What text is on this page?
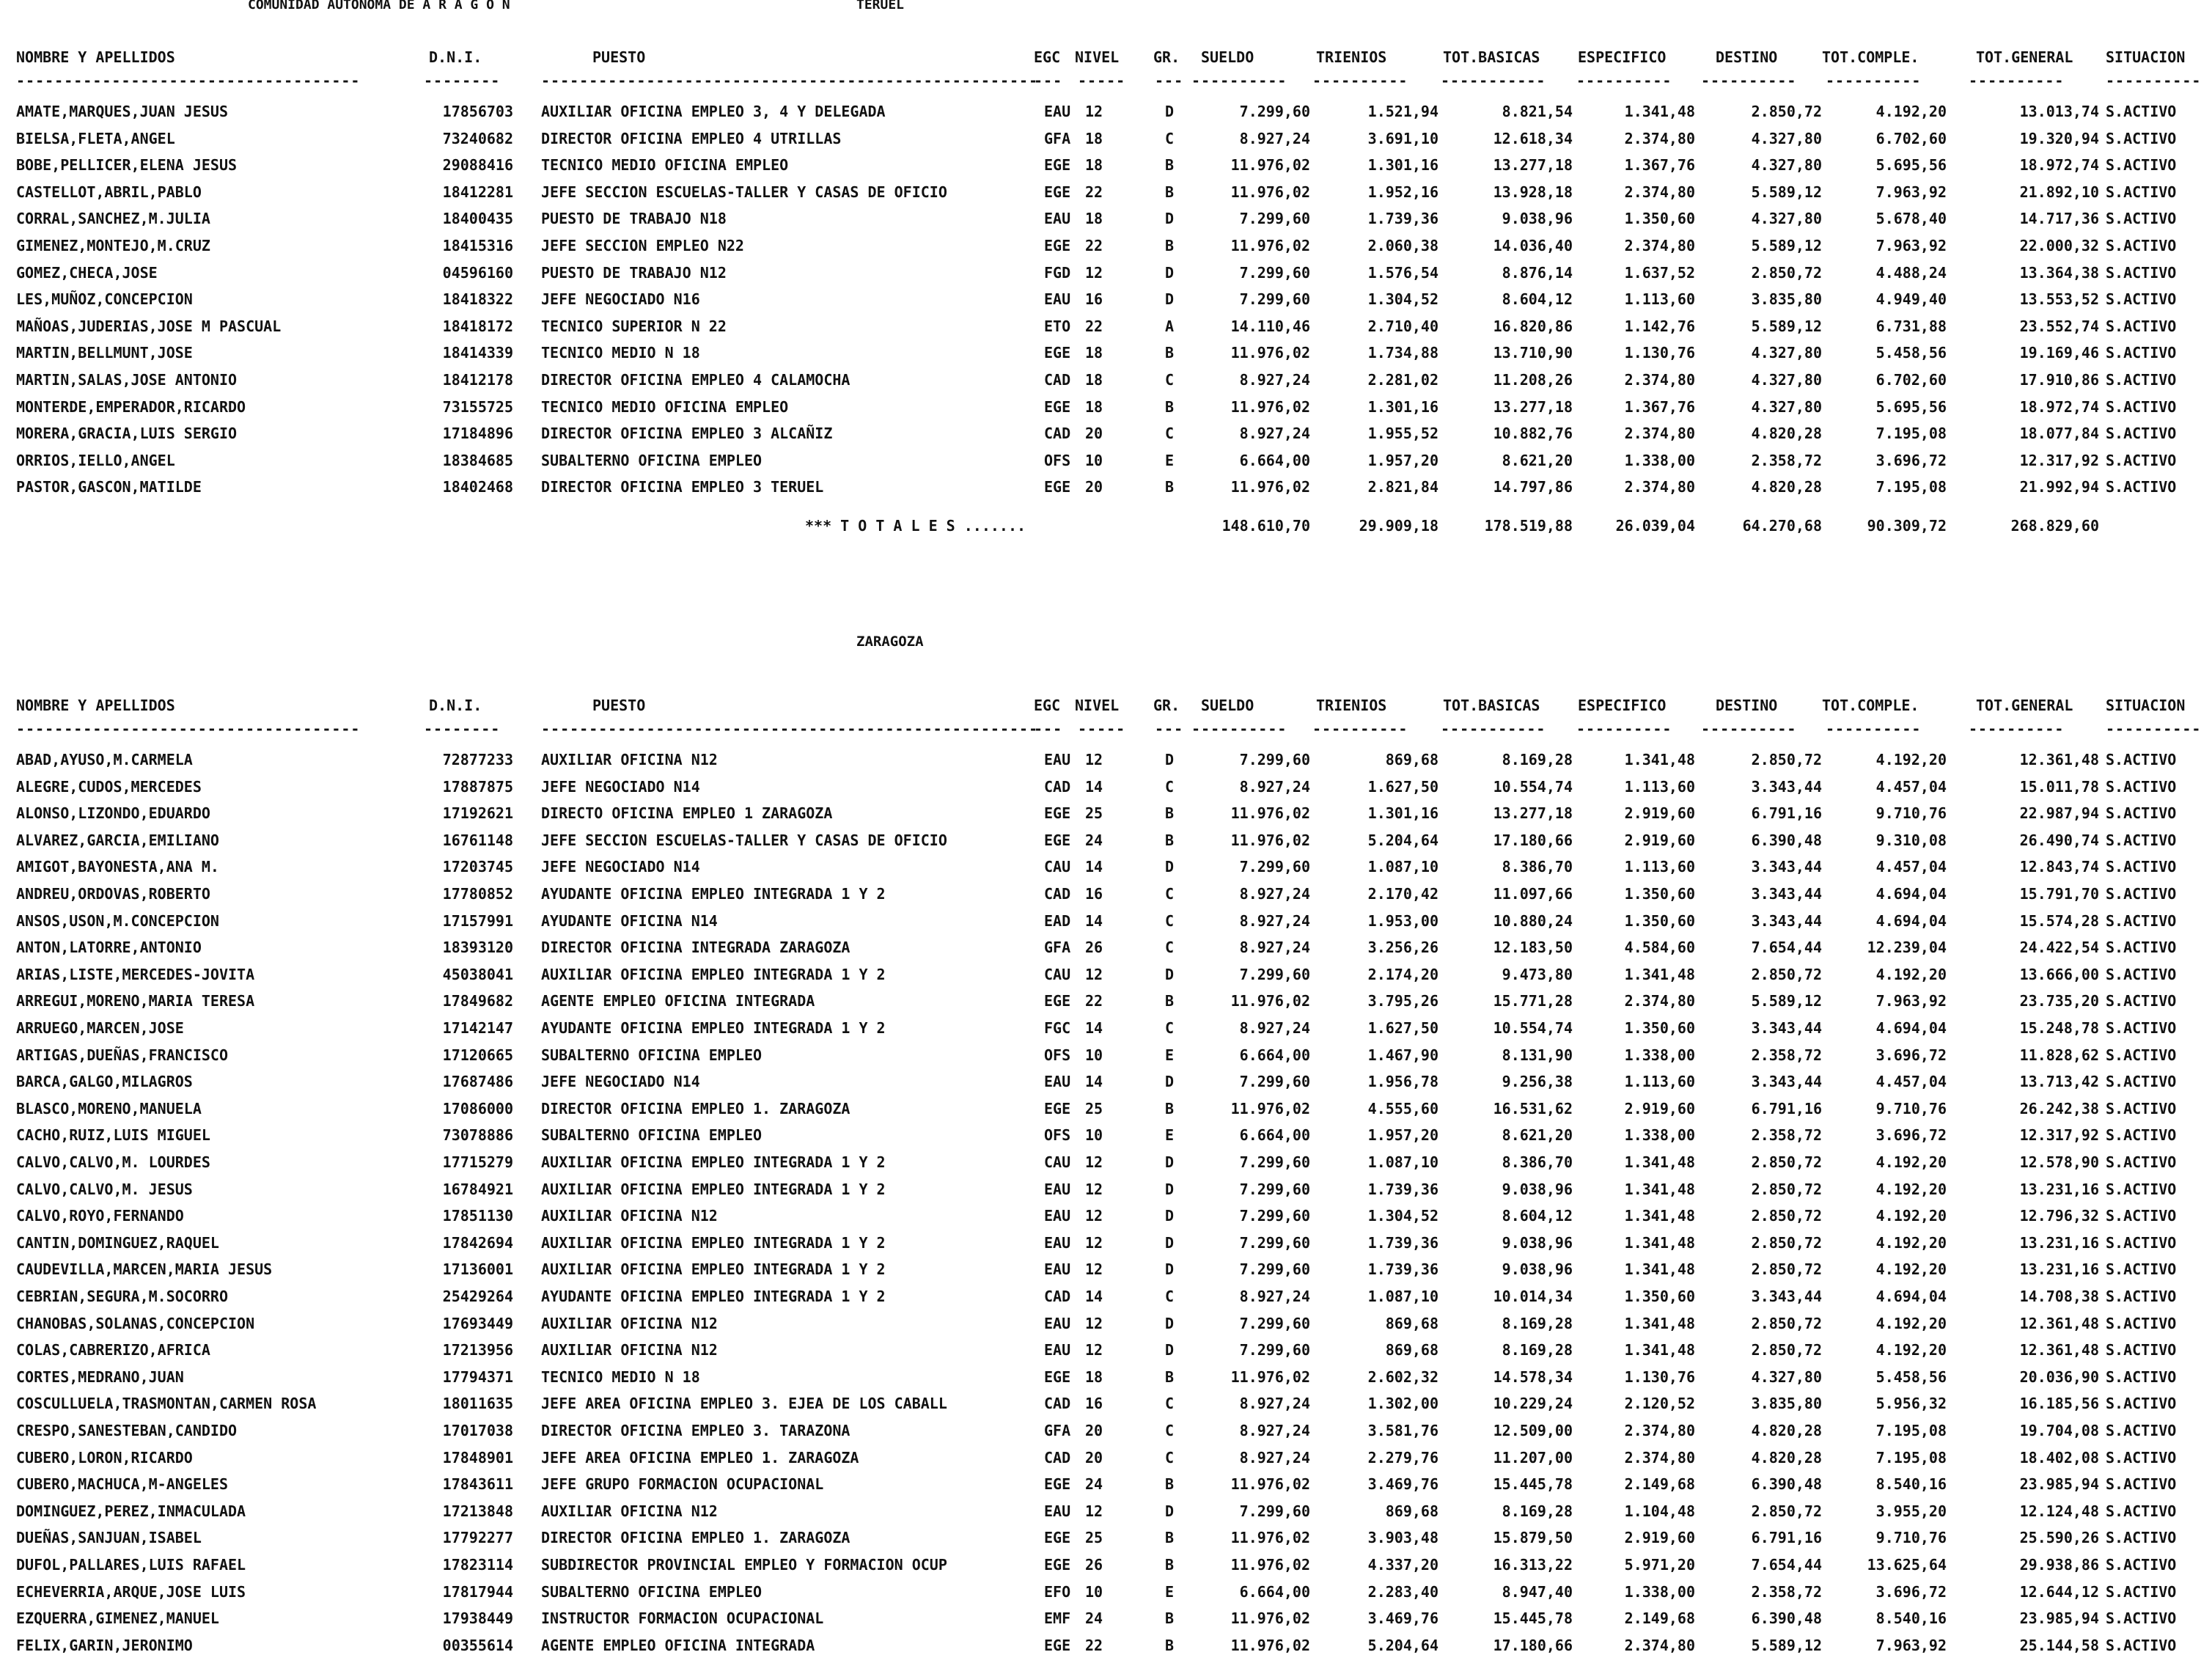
COMUNIDAD AUTONOMA DE A R A G O N	TERUEL
NOMBRE Y APELLIDOS	D.N.I.	PUESTO	EGC NIVEL GR. SUELDO	TRIENIOS	TOT.BASICAS	ESPECIFICO	DESTINO	TOT.COMPLE.	TOT.GENERAL SITUACION
------------------------------------	--------	----------------------------------------------------
--- ----- --- ---------- ---------- ----------- ---------- ---------- ----------	----------	----------
AMATE,MARQUES,JUAN JESUS	17856703 AUXILIAR OFICINA EMPLEO 3, 4 Y DELEGADA	EAU 12	D	7.299,60	1.521,94	8.821,54	1.341,48	2.850,72	4.192,20	13.013,74 S.ACTIVO
BIELSA,FLETA,ANGEL	73240682 DIRECTOR OFICINA EMPLEO 4 UTRILLAS	GFA 18	C	8.927,24	3.691,10	12.618,34	2.374,80	4.327,80	6.702,60	19.320,94 S.ACTIVO
BOBE,PELLICER,ELENA JESUS	29088416 TECNICO MEDIO OFICINA EMPLEO	EGE 18	B	11.976,02	1.301,16	13.277,18	1.367,76	4.327,80	5.695,56	18.972,74 S.ACTIVO
CASTELLOT,ABRIL,PABLO	18412281 JEFE SECCION ESCUELAS-TALLER Y CASAS DE OFICIO	EGE 22	B	11.976,02	1.952,16	13.928,18	2.374,80	5.589,12	7.963,92	21.892,10 S.ACTIVO
CORRAL,SANCHEZ,M.JULIA	18400435 PUESTO DE TRABAJO N18	EAU 18	D	7.299,60	1.739,36	9.038,96	1.350,60	4.327,80	5.678,40	14.717,36 S.ACTIVO
GIMENEZ,MONTEJO,M.CRUZ	18415316 JEFE SECCION EMPLEO N22	EGE 22	B	11.976,02	2.060,38	14.036,40	2.374,80	5.589,12	7.963,92	22.000,32 S.ACTIVO
GOMEZ,CHECA,JOSE	04596160 PUESTO DE TRABAJO N12	FGD 12	D	7.299,60	1.576,54	8.876,14	1.637,52	2.850,72	4.488,24	13.364,38 S.ACTIVO
LES,MUÑOZ,CONCEPCION	18418322 JEFE NEGOCIADO N16	EAU 16	D	7.299,60	1.304,52	8.604,12	1.113,60	3.835,80	4.949,40	13.553,52 S.ACTIVO
MAÑOAS,JUDERIAS,JOSE M PASCUAL	18418172 TECNICO SUPERIOR N 22	ETO 22	A	14.110,46	2.710,40	16.820,86	1.142,76	5.589,12	6.731,88	23.552,74 S.ACTIVO
MARTIN,BELLMUNT,JOSE	18414339 TECNICO MEDIO N 18	EGE 18	B	11.976,02	1.734,88	13.710,90	1.130,76	4.327,80	5.458,56	19.169,46 S.ACTIVO
MARTIN,SALAS,JOSE ANTONIO	18412178 DIRECTOR OFICINA EMPLEO 4 CALAMOCHA	CAD 18	C	8.927,24	2.281,02	11.208,26	2.374,80	4.327,80	6.702,60	17.910,86 S.ACTIVO
MONTERDE,EMPERADOR,RICARDO	73155725 TECNICO MEDIO OFICINA EMPLEO	EGE 18	B	11.976,02	1.301,16	13.277,18	1.367,76	4.327,80	5.695,56	18.972,74 S.ACTIVO
MORERA,GRACIA,LUIS SERGIO	17184896 DIRECTOR OFICINA EMPLEO 3 ALCAÑIZ	CAD 20	C	8.927,24	1.955,52	10.882,76	2.374,80	4.820,28	7.195,08	18.077,84 S.ACTIVO
ORRIOS,IELLO,ANGEL	18384685 SUBALTERNO OFICINA EMPLEO	OFS 10	E	6.664,00	1.957,20	8.621,20	1.338,00	2.358,72	3.696,72	12.317,92 S.ACTIVO
PASTOR,GASCON,MATILDE	18402468 DIRECTOR OFICINA EMPLEO 3 TERUEL	EGE 20	B	11.976,02	2.821,84	14.797,86	2.374,80	4.820,28	7.195,08	21.992,94 S.ACTIVO
*** T O T A L E S .......	148.610,70	29.909,18	178.519,88	26.039,04	64.270,68	90.309,72	268.829,60
ZARAGOZA
NOMBRE Y APELLIDOS	D.N.I.	PUESTO	EGC NIVEL GR. SUELDO	TRIENIOS	TOT.BASICAS	ESPECIFICO	DESTINO	TOT.COMPLE.	TOT.GENERAL SITUACION
------------------------------------	--------	----------------------------------------------------
--- ----- --- ---------- ---------- ----------- ---------- ---------- ----------	----------	----------
ABAD,AYUSO,M.CARMELA	72877233 AUXILIAR OFICINA N12	EAU 12	D	7.299,60	869,68	8.169,28	1.341,48	2.850,72	4.192,20	12.361,48 S.ACTIVO
ALEGRE,CUDOS,MERCEDES	17887875 JEFE NEGOCIADO N14	CAD 14	C	8.927,24	1.627,50	10.554,74	1.113,60	3.343,44	4.457,04	15.011,78 S.ACTIVO
ALONSO,LIZONDO,EDUARDO	17192621 DIRECTO OFICINA EMPLEO 1 ZARAGOZA	EGE 25	B	11.976,02	1.301,16	13.277,18	2.919,60	6.791,16	9.710,76	22.987,94 S.ACTIVO
ALVAREZ,GARCIA,EMILIANO	16761148 JEFE SECCION ESCUELAS-TALLER Y CASAS DE OFICIO	EGE 24	B	11.976,02	5.204,64	17.180,66	2.919,60	6.390,48	9.310,08	26.490,74 S.ACTIVO
AMIGOT,BAYONESTA,ANA M.	17203745 JEFE NEGOCIADO N14	CAU 14	D	7.299,60	1.087,10	8.386,70	1.113,60	3.343,44	4.457,04	12.843,74 S.ACTIVO
ANDREU,ORDOVAS,ROBERTO	17780852 AYUDANTE OFICINA EMPLEO INTEGRADA 1 Y 2	CAD 16	C	8.927,24	2.170,42	11.097,66	1.350,60	3.343,44	4.694,04	15.791,70 S.ACTIVO
ANSOS,USON,M.CONCEPCION	17157991 AYUDANTE OFICINA N14	EAD 14	C	8.927,24	1.953,00	10.880,24	1.350,60	3.343,44	4.694,04	15.574,28 S.ACTIVO
ANTON,LATORRE,ANTONIO	18393120 DIRECTOR OFICINA INTEGRADA ZARAGOZA	GFA 26	C	8.927,24	3.256,26	12.183,50	4.584,60	7.654,44	12.239,04	24.422,54 S.ACTIVO
ARIAS,LISTE,MERCEDES-JOVITA	45038041 AUXILIAR OFICINA EMPLEO INTEGRADA 1 Y 2	CAU 12	D	7.299,60	2.174,20	9.473,80	1.341,48	2.850,72	4.192,20	13.666,00 S.ACTIVO
ARREGUI,MORENO,MARIA TERESA	17849682 AGENTE EMPLEO OFICINA INTEGRADA	EGE 22	B	11.976,02	3.795,26	15.771,28	2.374,80	5.589,12	7.963,92	23.735,20 S.ACTIVO
ARRUEGO,MARCEN,JOSE	17142147 AYUDANTE OFICINA EMPLEO INTEGRADA 1 Y 2	FGC 14	C	8.927,24	1.627,50	10.554,74	1.350,60	3.343,44	4.694,04	15.248,78 S.ACTIVO
ARTIGAS,DUEÑAS,FRANCISCO	17120665 SUBALTERNO OFICINA EMPLEO	OFS 10	E	6.664,00	1.467,90	8.131,90	1.338,00	2.358,72	3.696,72	11.828,62 S.ACTIVO
BARCA,GALGO,MILAGROS	17687486 JEFE NEGOCIADO N14	EAU 14	D	7.299,60	1.956,78	9.256,38	1.113,60	3.343,44	4.457,04	13.713,42 S.ACTIVO
BLASCO,MORENO,MANUELA	17086000 DIRECTOR OFICINA EMPLEO 1. ZARAGOZA	EGE 25	B	11.976,02	4.555,60	16.531,62	2.919,60	6.791,16	9.710,76	26.242,38 S.ACTIVO
CACHO,RUIZ,LUIS MIGUEL	73078886 SUBALTERNO OFICINA EMPLEO	OFS 10	E	6.664,00	1.957,20	8.621,20	1.338,00	2.358,72	3.696,72	12.317,92 S.ACTIVO
CALVO,CALVO,M. LOURDES	17715279 AUXILIAR OFICINA EMPLEO INTEGRADA 1 Y 2	CAU 12	D	7.299,60	1.087,10	8.386,70	1.341,48	2.850,72	4.192,20	12.578,90 S.ACTIVO
CALVO,CALVO,M. JESUS	16784921 AUXILIAR OFICINA EMPLEO INTEGRADA 1 Y 2	EAU 12	D	7.299,60	1.739,36	9.038,96	1.341,48	2.850,72	4.192,20	13.231,16 S.ACTIVO
CALVO,ROYO,FERNANDO	17851130 AUXILIAR OFICINA N12	EAU 12	D	7.299,60	1.304,52	8.604,12	1.341,48	2.850,72	4.192,20	12.796,32 S.ACTIVO
CANTIN,DOMINGUEZ,RAQUEL	17842694 AUXILIAR OFICINA EMPLEO INTEGRADA 1 Y 2	EAU 12	D	7.299,60	1.739,36	9.038,96	1.341,48	2.850,72	4.192,20	13.231,16 S.ACTIVO
CAUDEVILLA,MARCEN,MARIA JESUS	17136001 AUXILIAR OFICINA EMPLEO INTEGRADA 1 Y 2	EAU 12	D	7.299,60	1.739,36	9.038,96	1.341,48	2.850,72	4.192,20	13.231,16 S.ACTIVO
CEBRIAN,SEGURA,M.SOCORRO	25429264 AYUDANTE OFICINA EMPLEO INTEGRADA 1 Y 2	CAD 14	C	8.927,24	1.087,10	10.014,34	1.350,60	3.343,44	4.694,04	14.708,38 S.ACTIVO
CHANOBAS,SOLANAS,CONCEPCION	17693449 AUXILIAR OFICINA N12	EAU 12	D	7.299,60	869,68	8.169,28	1.341,48	2.850,72	4.192,20	12.361,48 S.ACTIVO
COLAS,CABRERIZO,AFRICA	17213956 AUXILIAR OFICINA N12	EAU 12	D	7.299,60	869,68	8.169,28	1.341,48	2.850,72	4.192,20	12.361,48 S.ACTIVO
CORTES,MEDRANO,JUAN	17794371 TECNICO MEDIO N 18	EGE 18	B	11.976,02	2.602,32	14.578,34	1.130,76	4.327,80	5.458,56	20.036,90 S.ACTIVO
COSCULLUELA,TRASMONTAN,CARMEN ROSA	18011635 JEFE AREA OFICINA EMPLEO 3. EJEA DE LOS CABALL	CAD 16	C	8.927,24	1.302,00	10.229,24	2.120,52	3.835,80	5.956,32	16.185,56 S.ACTIVO
CRESPO,SANESTEBAN,CANDIDO	17017038 DIRECTOR OFICINA EMPLEO 3. TARAZONA	GFA 20	C	8.927,24	3.581,76	12.509,00	2.374,80	4.820,28	7.195,08	19.704,08 S.ACTIVO
CUBERO,LORON,RICARDO	17848901 JEFE AREA OFICINA EMPLEO 1. ZARAGOZA	CAD 20	C	8.927,24	2.279,76	11.207,00	2.374,80	4.820,28	7.195,08	18.402,08 S.ACTIVO
CUBERO,MACHUCA,M-ANGELES	17843611 JEFE GRUPO FORMACION OCUPACIONAL	EGE 24	B	11.976,02	3.469,76	15.445,78	2.149,68	6.390,48	8.540,16	23.985,94 S.ACTIVO
DOMINGUEZ,PEREZ,INMACULADA	17213848 AUXILIAR OFICINA N12	EAU 12	D	7.299,60	869,68	8.169,28	1.104,48	2.850,72	3.955,20	12.124,48 S.ACTIVO
DUEÑAS,SANJUAN,ISABEL	17792277 DIRECTOR OFICINA EMPLEO 1. ZARAGOZA	EGE 25	B	11.976,02	3.903,48	15.879,50	2.919,60	6.791,16	9.710,76	25.590,26 S.ACTIVO
DUFOL,PALLARES,LUIS RAFAEL	17823114 SUBDIRECTOR PROVINCIAL EMPLEO Y FORMACION OCUP	EGE 26	B	11.976,02	4.337,20	16.313,22	5.971,20	7.654,44	13.625,64	29.938,86 S.ACTIVO
ECHEVERRIA,ARQUE,JOSE LUIS	17817944 SUBALTERNO OFICINA EMPLEO	EFO 10	E	6.664,00	2.283,40	8.947,40	1.338,00	2.358,72	3.696,72	12.644,12 S.ACTIVO
EZQUERRA,GIMENEZ,MANUEL	17938449 INSTRUCTOR FORMACION OCUPACIONAL	EMF 24	B	11.976,02	3.469,76	15.445,78	2.149,68	6.390,48	8.540,16	23.985,94 S.ACTIVO
FELIX,GARIN,JERONIMO	00355614 AGENTE EMPLEO OFICINA INTEGRADA	EGE 22	B	11.976,02	5.204,64	17.180,66	2.374,80	5.589,12	7.963,92	25.144,58 S.ACTIVO
